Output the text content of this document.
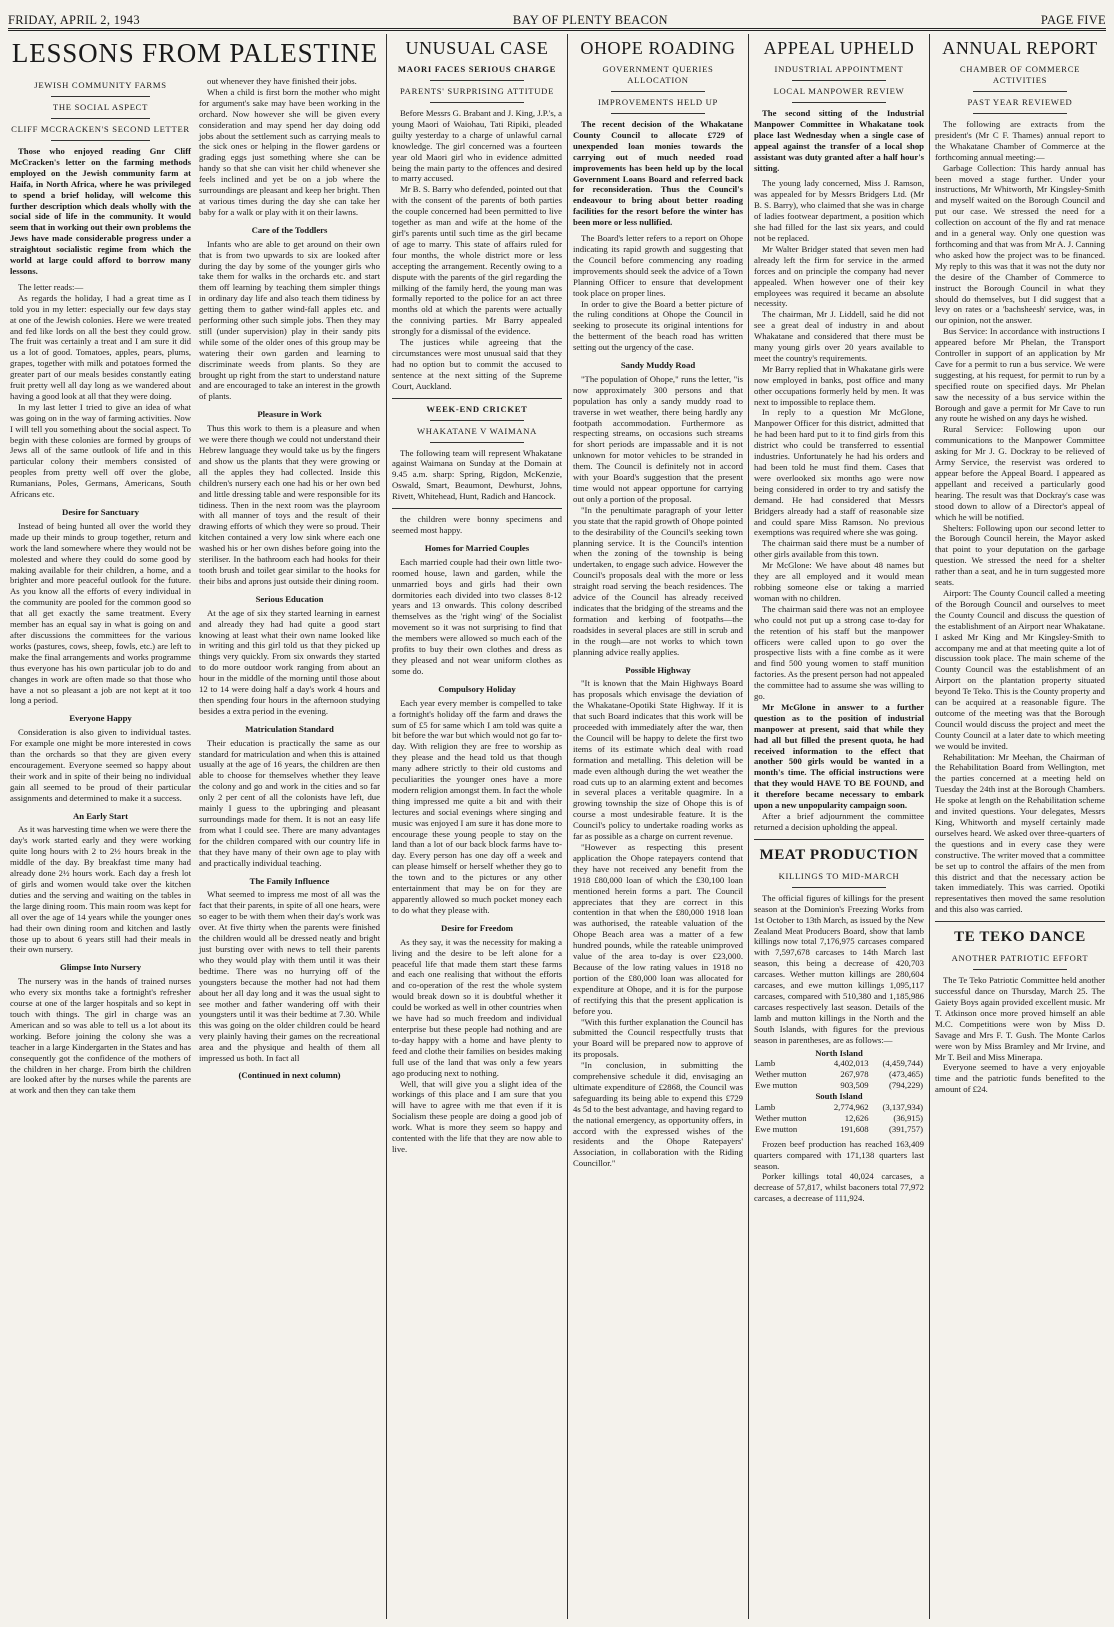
FRIDAY, APRIL 2, 1943	BAY OF PLENTY BEACON	PAGE FIVE
LESSONS FROM PALESTINE
JEWISH COMMUNITY FARMS
THE SOCIAL ASPECT
CLIFF MCCRACKEN'S SECOND LETTER

Those who enjoyed reading Gnr Cliff McCracken's letter on the farming methods employed on the Jewish community farm at Haifa, in North Africa, where he was privileged to spend a brief holiday, will welcome this further description which deals wholly with the social side of life in the community. It would seem that in working out their own problems the Jews have made considerable progress under a straightout socialistic regime from which the world at large could afford to borrow many lessons.

The letter reads:—

As regards the holiday, I had a great time as I told you in my letter: especially our few days stay at one of the Jewish colonies. Here we were treated and fed like lords on all the best they could grow. The fruit was certainly a treat and I am sure it did us a lot of good. Tomatoes, apples, pears, plums, grapes, together with milk and potatoes formed the greater part of our meals besides constantly eating fruit pretty well all day long as we wandered about having a good look at all that they were doing.

In my last letter I tried to give an idea of what was going on in the way of farming activities. Now I will tell you something about the social aspect. To begin with these colonies are formed by groups of Jews all of the same outlook of life and in this particular colony their members consisted of peoples from pretty well off over the globe, Rumanians, Poles, Germans, Americans, South Africans etc.

Desire for Sanctuary

Instead of being hunted all over the world they made up their minds to group together, return and work the land somewhere where they would not be molested and where they could do some good by making available for their children, a home, and a brighter and more peaceful outlook for the future. As you know all the efforts of every individual in the community are pooled for the common good so that all get exactly the same treatment. Every member has an equal say in what is going on and after discussions the committees for the various works (pastures, cows, sheep, fowls, etc.) are left to make the final arrangements and works programme thus everyone has his own particular job to do and changes in work are often made so that those who have a not so pleasant a job are not kept at it too long a period.

Everyone Happy

Consideration is also given to individual tastes. For example one might be more interested in cows than the orchards so that they are given every encouragement. Everyone seemed so happy about their work and in spite of their being no individual gain all seemed to be proud of their particular assignments and determined to make it a success.

An Early Start

As it was harvesting time when we were there the day's work started early and they were working quite long hours with 2 to 2½ hours break in the middle of the day. By breakfast time many had already done 2½ hours work. Each day a fresh lot of girls and women would take over the kitchen duties and the serving and waiting on the tables in the large dining room. This main room was kept for all over the age of 14 years while the younger ones had their own dining room and kitchen and lastly those up to about 6 years still had their meals in their own nursery.

Glimpse Into Nursery

The nursery was in the hands of trained nurses who every six months take a fortnight's refresher course at one of the larger hospitals and so kept in touch with things. The girl in charge was an American and so was able to tell us a lot about its working. Before joining the colony she was a teacher in a large Kindergarten in the States and has consequently got the confidence of the mothers of the children in her charge. From birth the children are looked after by the nurses while the parents are at work and then they can take them

out whenever they have finished their jobs.

When a child is first born the mother who might for argument's sake may have been working in the orchard. Now however she will be given every consideration and may spend her day doing odd jobs about the settlement such as carrying meals to the sick ones or helping in the flower gardens or grading eggs just something where she can be handy so that she can visit her child whenever she feels inclined and yet be on a job where the surroundings are pleasant and keep her bright. Then at various times during the day she can take her baby for a walk or play with it on their lawns.

Care of the Toddlers

Infants who are able to get around on their own that is from two upwards to six are looked after during the day by some of the younger girls who take them for walks in the orchards etc. and start them off learning by teaching them simpler things in ordinary day life and also teach them tidiness by getting them to gather wind-fall apples etc. and performing other such simple jobs. Then they may still (under supervision) play in their sandy pits while some of the older ones of this group may be watering their own garden and learning to discriminate weeds from plants. So they are brought up right from the start to understand nature and are encouraged to take an interest in the growth of plants.

Pleasure in Work

Thus this work to them is a pleasure and when we were there though we could not understand their Hebrew language they would take us by the fingers and show us the plants that they were growing or all the apples they had collected. Inside this children's nursery each one had his or her own bed and little dressing table and were responsible for its tidiness. Then in the next room was the playroom with all manner of toys and the result of their drawing efforts of which they were so proud. Their kitchen contained a very low sink where each one washed his or her own dishes before going into the steriliser. In the bathroom each had hooks for their tooth brush and toilet gear similar to the hooks for their bibs and aprons just outside their dining room.

Serious Education

At the age of six they started learning in earnest and already they had had quite a good start knowing at least what their own name looked like in writing and this girl told us that they picked up things very quickly. From six onwards they started to do more outdoor work ranging from about an hour in the middle of the morning until those about 12 to 14 were doing half a day's work 4 hours and then spending four hours in the afternoon studying besides a extra period in the evening.

Matriculation Standard

Their education is practically the same as our standard for matriculation and when this is attained usually at the age of 16 years, the children are then able to choose for themselves whether they leave the colony and go and work in the cities and so far only 2 per cent of all the colonists have left, due mainly I guess to the upbringing and pleasant surroundings made for them. It is not an easy life from what I could see. There are many advantages for the children compared with our country life in that they have many of their own age to play with and practically individual teaching.

The Family Influence

What seemed to impress me most of all was the fact that their parents, in spite of all one hears, were so eager to be with them when their day's work was over. At five thirty when the parents were finished the children would all be dressed neatly and bright just bursting over with news to tell their parents who they would play with them until it was their bedtime. There was no hurrying off of the youngsters because the mother had not had them about her all day long and it was the usual sight to see mother and father wandering off with their youngsters until it was their bedtime at 7.30. While this was going on the older children could be heard very plainly having their games on the recreational area and the physique and health of them all impressed us both. In fact all

(Continued in next column)

UNUSUAL CASE
MAORI FACES SERIOUS CHARGE
PARENTS' SURPRISING ATTITUDE

Before Messrs G. Brabant and J. King, J.P.'s, a young Maori of Waiohau, Tati Ripiki, pleaded guilty yesterday to a charge of unlawful carnal knowledge. The girl concerned was a fourteen year old Maori girl who in evidence admitted being the main party to the offences and desired to marry accused.

Mr B. S. Barry who defended, pointed out that with the consent of the parents of both parties the couple concerned had been permitted to live together as man and wife at the home of the girl's parents until such time as the girl became of age to marry. This state of affairs ruled for four months, the whole district more or less accepting the arrangement. Recently owing to a dispute with the parents of the girl regarding the milking of the family herd, the young man was formally reported to the police for an act three months old at which the parents were actually the conniving parties. Mr Barry appealed strongly for a dismissal of the evidence.

The justices while agreeing that the circumstances were most unusual said that they had no option but to commit the accused to sentence at the next sitting of the Supreme Court, Auckland.

WEEK-END CRICKET
WHAKATANE V WAIMANA

The following team will represent Whakatane against Waimana on Sunday at the Domain at 9.45 a.m. sharp: Spring, Rigdon, McKenzie, Oswald, Smart, Beaumont, Dewhurst, Johns, Rivett, Whitehead, Hunt, Radich and Hancock.

the children were bonny specimens and seemed most happy.

Homes for Married Couples

Each married couple had their own little two-roomed house, lawn and garden, while the unmarried boys and girls had their own dormitories each divided into two classes 8-12 years and 13 onwards. This colony described themselves as the 'right wing' of the Socialist movement so it was not surprising to find that the members were allowed so much each of the profits to buy their own clothes and dress as they pleased and not wear uniform clothes as some do.

Compulsory Holiday

Each year every member is compelled to take a fortnight's holiday off the farm and draws the sum of £5 for same which I am told was quite a bit before the war but which would not go far to-day. With religion they are free to worship as they please and the head told us that though many adhere strictly to their old customs and peculiarities the younger ones have a more modern religion amongst them. In fact the whole thing impressed me quite a bit and with their lectures and social evenings where singing and music was enjoyed I am sure it has done more to encourage these young people to stay on the land than a lot of our back block farms have to-day. Every person has one day off a week and can please himself or herself whether they go to the town and to the pictures or any other entertainment that may be on for they are apparently allowed so much pocket money each to do what they please with.

Desire for Freedom

As they say, it was the necessity for making a living and the desire to be left alone for a peaceful life that made them start these farms and each one realising that without the efforts and co-operation of the rest the whole system would break down so it is doubtful whether it could be worked as well in other countries when we have had so much freedom and individual enterprise but these people had nothing and are to-day happy with a home and have plenty to feed and clothe their families on besides making full use of the land that was only a few years ago producing next to nothing.

Well, that will give you a slight idea of the workings of this place and I am sure that you will have to agree with me that even if it is Socialism these people are doing a good job of work. What is more they seem so happy and contented with the life that they are now able to live.

OHOPE ROADING
GOVERNMENT QUERIES ALLOCATION
IMPROVEMENTS HELD UP

The recent decision of the Whakatane County Council to allocate £729 of unexpended loan monies towards the carrying out of much needed road improvements has been held up by the local Government Loans Board and referred back for reconsideration. Thus the Council's endeavour to bring about better roading facilities for the resort before the winter has been more or less nullified.

The Board's letter refers to a report on Ohope indicating its rapid growth and suggesting that the Council before commencing any roading improvements should seek the advice of a Town Planning Officer to ensure that development took place on proper lines.

In order to give the Board a better picture of the ruling conditions at Ohope the Council in seeking to prosecute its original intentions for the betterment of the beach road has written setting out the urgency of the case.

Sandy Muddy Road

"The population of Ohope," runs the letter, "is now approximately 300 persons and that population has only a sandy muddy road to traverse in wet weather, there being hardly any footpath accommodation. Furthermore as respecting streams, on occasions such streams for short periods are impassable and it is not unknown for motor vehicles to be stranded in them. The Council is definitely not in accord with your Board's suggestion that the present time would not appear opportune for carrying out only a portion of the proposal.

"In the penultimate paragraph of your letter you state that the rapid growth of Ohope pointed to the desirability of the Council's seeking town planning service. It is the Council's intention when the zoning of the township is being undertaken, to engage such advice. However the Council's proposals deal with the more or less straight road serving the beach residences. The advice of the Council has already received indicates that the bridging of the streams and the formation and kerbing of footpaths—the roadsides in several places are still in scrub and in the rough—are not works to which town planning advice really applies.

Possible Highway

"It is known that the Main Highways Board has proposals which envisage the deviation of the Whakatane-Opotiki State Highway. If it is that such Board indicates that this work will be proceeded with immediately after the war, then the Council will be happy to delete the first two items of its estimate which deal with road formation and metalling. This deletion will be made even although during the wet weather the road cuts up to an alarming extent and becomes in several places a veritable quagmire. In a growing township the size of Ohope this is of course a most undesirable feature. It is the Council's policy to undertake roading works as far as possible as a charge on current revenue.

"However as respecting this present application the Ohope ratepayers contend that they have not received any benefit from the 1918 £80,000 loan of which the £30,100 loan mentioned herein forms a part. The Council appreciates that they are correct in this contention in that when the £80,000 1918 loan was authorised, the rateable valuation of the Ohope Beach area was a matter of a few hundred pounds, while the rateable unimproved value of the area to-day is over £23,000. Because of the low rating values in 1918 no portion of the £80,000 loan was allocated for expenditure at Ohope, and it is for the purpose of rectifying this that the present application is before you.

"With this further explanation the Council has submitted the Council respectfully trusts that your Board will be prepared now to approve of its proposals.

"In conclusion, in submitting the comprehensive schedule it did, envisaging an ultimate expenditure of £2868, the Council was safeguarding its being able to expend this £729 4s 5d to the best advantage, and having regard to the national emergency, as opportunity offers, in accord with the expressed wishes of the residents and the Ohope Ratepayers' Association, in collaboration with the Riding Councillor."

APPEAL UPHELD
INDUSTRIAL APPOINTMENT
LOCAL MANPOWER REVIEW

The second sitting of the Industrial Manpower Committee in Whakatane took place last Wednesday when a single case of appeal against the transfer of a local shop assistant was duty granted after a half hour's sitting.

The young lady concerned, Miss J. Ramson, was appealed for by Messrs Bridgers Ltd. (Mr B. S. Barry), who claimed that she was in charge of ladies footwear department, a position which she had filled for the last six years, and could not be replaced.

Mr Walter Bridger stated that seven men had already left the firm for service in the armed forces and on principle the company had never appealed. When however one of their key employees was required it became an absolute necessity.

The chairman, Mr J. Liddell, said he did not see a great deal of industry in and about Whakatane and considered that there must be many young girls over 20 years available to meet the country's requirements.

Mr Barry replied that in Whakatane girls were now employed in banks, post office and many other occupations formerly held by men. It was next to impossible to replace them.

In reply to a question Mr McGlone, Manpower Officer for this district, admitted that he had been hard put to it to find girls from this district who could be transferred to essential industries. Unfortunately he had his orders and had been told he must find them. Cases that were overlooked six months ago were now being considered in order to try and satisfy the demand. He had considered that Messrs Bridgers already had a staff of reasonable size and could spare Miss Ramson. No previous exemptions was required where she was going.

The chairman said there must be a number of other girls available from this town.

Mr McGlone: We have about 48 names but they are all employed and it would mean robbing someone else or taking a married woman with no children.

The chairman said there was not an employee who could not put up a strong case to-day for the retention of his staff but the manpower officers were called upon to go over the prospective lists with a fine combe as it were and find 500 young women to staff munition factories. As the present person had not appealed the committee had to assume she was willing to go.

Mr McGlone in answer to a further question as to the position of industrial manpower at present, said that while they had all but filled the present quota, he had received information to the effect that another 500 girls would be wanted in a month's time. The official instructions were that they would HAVE TO BE FOUND, and it therefore became necessary to embark upon a new unpopularity campaign soon.

After a brief adjournment the committee returned a decision upholding the appeal.

MEAT PRODUCTION
KILLINGS TO MID-MARCH

The official figures of killings for the present season at the Dominion's Freezing Works from 1st October to 13th March, as issued by the New Zealand Meat Producers Board, show that lamb killings now total 7,176,975 carcases compared with 7,597,678 carcases to 14th March last season, this being a decrease of 420,703 carcases. Wether mutton killings are 280,604 carcases, and ewe mutton killings 1,095,117 carcases, compared with 510,380 and 1,185,986 carcases respectively last season. Details of the lamb and mutton killings in the North and the South Islands, with figures for the previous season in parentheses, are as follows:—

North Island		
Lamb	4,402,013	(4,459,744)
Wether mutton	267,978	(473,465)
Ewe mutton	903,509	(794,229)
South Island		
Lamb	2,774,962	(3,137,934)
Wether mutton	12,626	(36,915)
Ewe mutton	191,608	(391,757)

Frozen beef production has reached 163,409 quarters compared with 171,138 quarters last season.

Porker killings total 40,024 carcases, a decrease of 57,817, whilst baconers total 77,972 carcases, a decrease of 111,924.

ANNUAL REPORT
CHAMBER OF COMMERCE ACTIVITIES
PAST YEAR REVIEWED

The following are extracts from the president's (Mr C F. Thames) annual report to the Whakatane Chamber of Commerce at the forthcoming annual meeting:—

Garbage Collection: This hardy annual has been moved a stage further. Under your instructions, Mr Whitworth, Mr Kingsley-Smith and myself waited on the Borough Council and put our case. We stressed the need for a collection on account of the fly and rat menace and in a general way. Only one question was forthcoming and that was from Mr A. J. Canning who asked how the project was to be financed. My reply to this was that it was not the duty nor the desire of the Chamber of Commerce to instruct the Borough Council in what they should do themselves, but I did suggest that a levy on rates or a 'bachsheesh' service, was, in our opinion, not the answer.

Bus Service: In accordance with instructions I appeared before Mr Phelan, the Transport Controller in support of an application by Mr Cave for a permit to run a bus service. We were suggesting, at his request, for permit to run by a specified route on specified days. Mr Phelan saw the necessity of a bus service within the Borough and gave a permit for Mr Cave to run any route he wished on any days he wished.

Rural Service: Following upon our communications to the Manpower Committee asking for Mr J. G. Dockray to be relieved of Army Service, the reservist was ordered to appear before the Appeal Board. I appeared as appellant and received a particularly good hearing. The result was that Dockray's case was stood down to allow of a Director's appeal of which he will be notified.

Shelters: Following upon our second letter to the Borough Council herein, the Mayor asked that point to your deputation on the garbage question. We stressed the need for a shelter rather than a seat, and he in turn suggested more seats.

Airport: The County Council called a meeting of the Borough Council and ourselves to meet the County Council and discuss the question of the establishment of an Airport near Whakatane. I asked Mr King and Mr Kingsley-Smith to accompany me and at that meeting quite a lot of discussion took place. The main scheme of the County Council was the establishment of an Airport on the plantation property situated beyond Te Teko. This is the County property and can be acquired at a reasonable figure. The outcome of the meeting was that the Borough Council would discuss the project and meet the County Council at a later date to which meeting we would be invited.

Rehabilitation: Mr Meehan, the Chairman of the Rehabilitation Board from Wellington, met the parties concerned at a meeting held on Tuesday the 24th inst at the Borough Chambers. He spoke at length on the Rehabilitation scheme and invited questions. Your delegates, Messrs King, Whitworth and myself certainly made ourselves heard. We asked over three-quarters of the questions and in every case they were constructive. The writer moved that a committee be set up to control the affairs of the men from this district and that the necessary action be taken immediately. This was carried. Opotiki representatives then moved the same resolution and this also was carried.

TE TEKO DANCE
ANOTHER PATRIOTIC EFFORT

The Te Teko Patriotic Committee held another successful dance on Thursday, March 25. The Gaiety Boys again provided excellent music. Mr T. Atkinson once more proved himself an able M.C. Competitions were won by Miss D. Savage and Mrs F. T. Gush. The Monte Carlos were won by Miss Bramley and Mr Irvine, and Mr T. Beil and Miss Minerapa.

Everyone seemed to have a very enjoyable time and the patriotic funds benefited to the amount of £24.
